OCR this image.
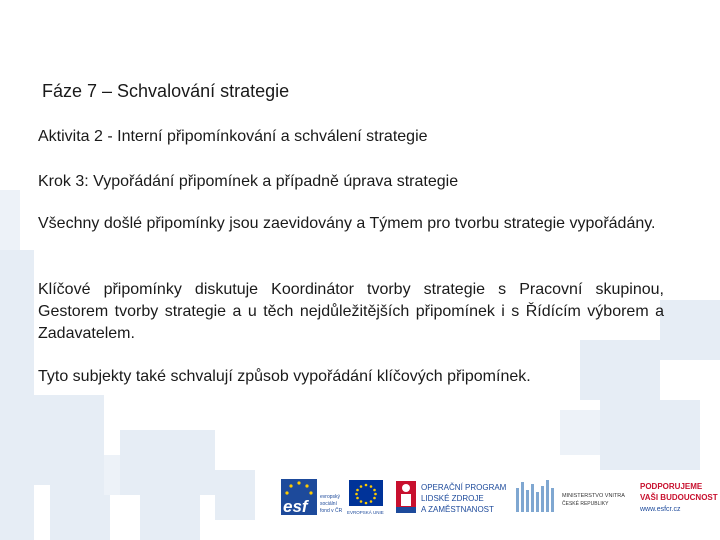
Fáze 7 – Schvalování strategie
Aktivita 2 - Interní připomínkování a schválení strategie
Krok 3: Vypořádání připomínek a případně úprava strategie
Všechny došlé připomínky jsou zaevidovány a Týmem pro tvorbu strategie vypořádány.
Klíčové připomínky diskutuje Koordinátor tvorby strategie s Pracovní skupinou, Gestorem tvorby strategie a u těch nejdůležitějších připomínek i s Řídícím výborem a Zadavatelem.
Tyto subjekty také schvalují způsob vypořádání klíčových připomínek.
esf	evropský
sociální
fond v ČR EVROPSKÁ UNIE
OPERAČNÍ PROGRAM
LIDSKÉ ZDROJE
A ZAMĚSTNANOST
MINISTERSTVO VNITRA
ČESKÉ REPUBLIKY
PODPORUJEME
VAŠI BUDOUCNOST
www.esfcr.cz
